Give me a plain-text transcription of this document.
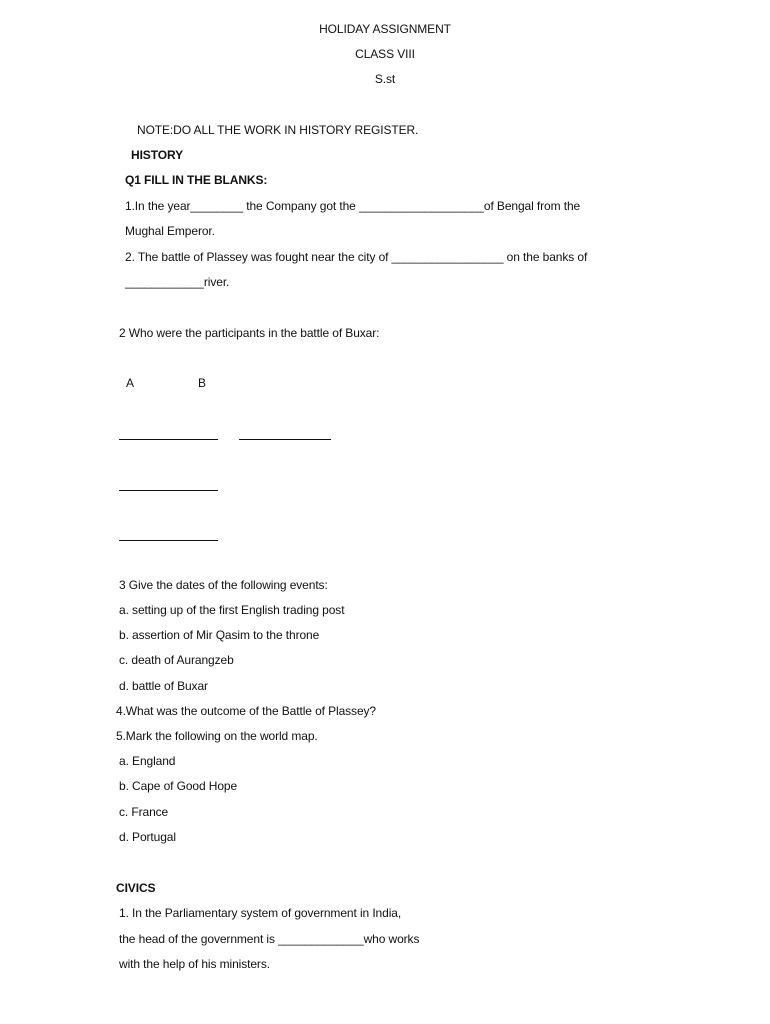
HOLIDAY ASSIGNMENT
CLASS VIII
S.st
NOTE:DO ALL THE WORK IN HISTORY REGISTER.
HISTORY
Q1 FILL IN THE BLANKS:
1.In the year________ the Company got the ___________________of Bengal from the
Mughal Emperor.
2. The battle of Plassey was fought near the city of _________________ on the banks of
____________river.
2 Who were the participants in the battle of Buxar:
A	B
3 Give the dates of the following events:
a. setting up of the first English trading post
b. assertion of Mir Qasim to the throne
c. death of Aurangzeb
d. battle of Buxar
4.What was the outcome of the Battle of Plassey?
5.Mark the following on the world map.
a. England
b. Cape of Good Hope
c. France
d. Portugal
CIVICS
1. In the Parliamentary system of government in India,
the head of the government is _____________who works
with the help of his ministers.
